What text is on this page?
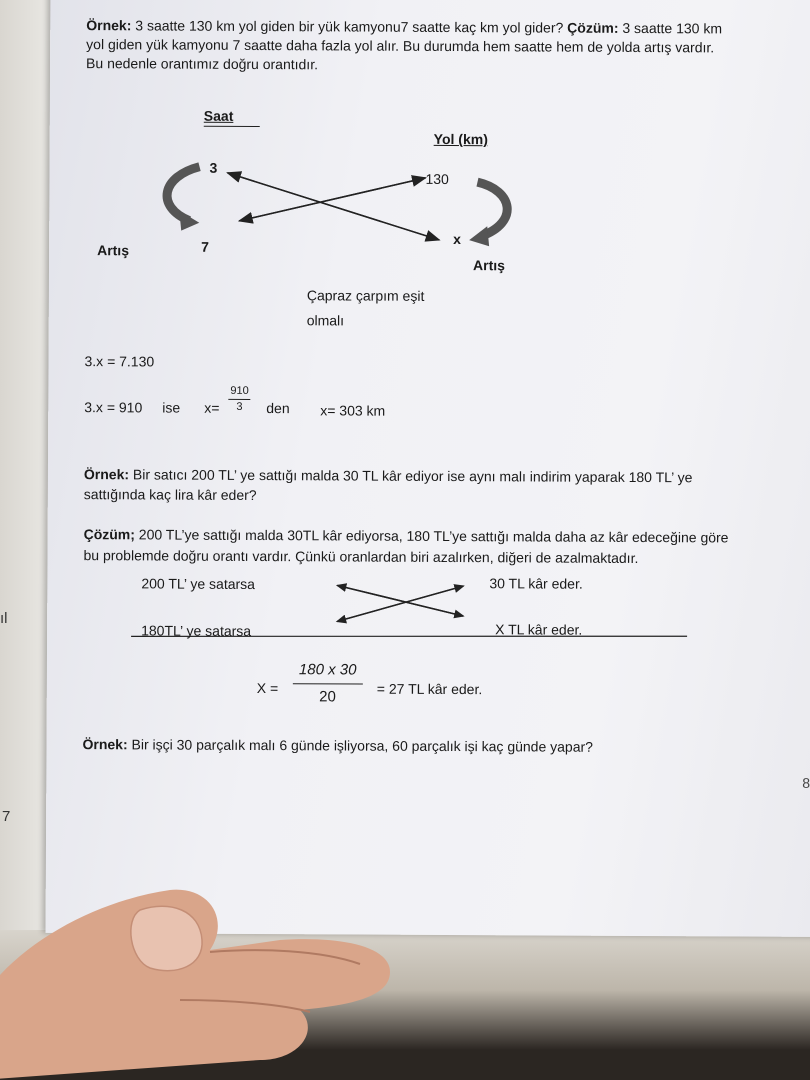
ıl
7
Örnek: 3 saatte 130 km yol giden bir yük kamyonu7 saatte kaç km yol gider? Çözüm: 3 saatte 130 km
yol giden yük kamyonu 7 saatte daha fazla yol alır. Bu durumda hem saatte hem de yolda artış vardır.
Bu nedenle orantımız doğru orantıdır.
Saat
Yol (km)
3
7
130
x
Artış
Artış
Çapraz çarpım eşit
olmalı
3.x = 7.130
3.x = 910 ise $x= \frac{910}{3}$ den x= 303 km
Örnek: Bir satıcı 200 TL’ ye sattığı malda 30 TL kâr ediyor ise aynı malı indirim yaparak 180 TL’ ye
sattığında kaç lira kâr eder?
Çözüm; 200 TL’ye sattığı malda 30TL kâr ediyorsa, 180 TL’ye sattığı malda daha az kâr edeceğine göre
bu problemde doğru orantı vardır. Çünkü oranlardan biri azalırken, diğeri de azalmaktadır.
200 TL’ ye satarsa
180TL’ ye satarsa
30 TL kâr eder.
X TL kâr eder.
$X = \frac{180 x 30}{20} = 27$ TL kâr eder.
Örnek: Bir işçi 30 parçalık malı 6 günde işliyorsa, 60 parçalık işi kaç günde yapar?
8
